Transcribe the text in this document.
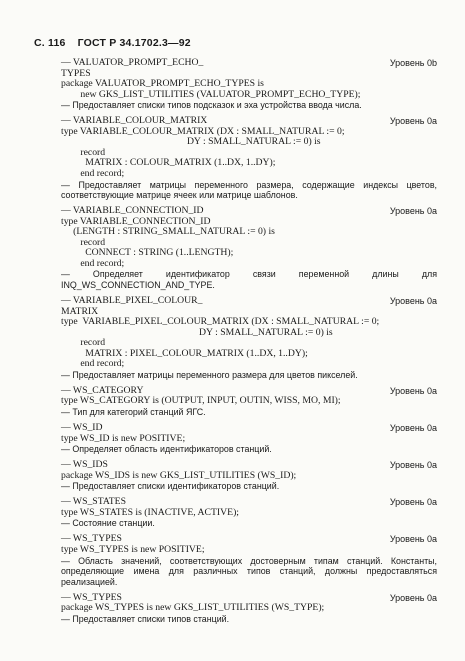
С. 116 ГОСТ Р 34.1702.3—92
— VALUATOR_PROMPT_ECHO_	Уровень 0b
TYPES
package VALUATOR_PROMPT_ECHO_TYPES is
new GKS_LIST_UTILITIES (VALUATOR_PROMPT_ECHO_TYPE);
— Предоставляет списки типов подсказок и эха устройства ввода числа.
— VARIABLE_COLOUR_MATRIX	Уровень 0a
type VARIABLE_COLOUR_MATRIX (DX : SMALL_NATURAL := 0;
DY : SMALL_NATURAL := 0) is
record
MATRIX : COLOUR_MATRIX (1..DX, 1..DY);
end record;
— Предоставляет матрицы переменного размера, содержащие индексы цветов, соответствующие матрице ячеек или матрице шаблонов.
— VARIABLE_CONNECTION_ID	Уровень 0a
type VARIABLE_CONNECTION_ID
(LENGTH : STRING_SMALL_NATURAL := 0) is
record
CONNECT : STRING (1..LENGTH);
end record;
— Определяет идентификатор связи переменной длины для INQ_WS_CONNECTION_AND_TYPE.
— VARIABLE_PIXEL_COLOUR_	Уровень 0a
MATRIX
type  VARIABLE_PIXEL_COLOUR_MATRIX (DX : SMALL_NATURAL := 0;
DY : SMALL_NATURAL := 0) is
record
MATRIX : PIXEL_COLOUR_MATRIX (1..DX, 1..DY);
end record;
— Предоставляет матрицы переменного размера для цветов пикселей.
— WS_CATEGORY	Уровень 0a
type WS_CATEGORY is (OUTPUT, INPUT, OUTIN, WISS, MO, MI);
— Тип для категорий станций ЯГС.
— WS_ID	Уровень 0a
type WS_ID is new POSITIVE;
— Определяет область идентификаторов станций.
— WS_IDS	Уровень 0a
package WS_IDS is new GKS_LIST_UTILITIES (WS_ID);
— Предоставляет списки идентификаторов станций.
— WS_STATES	Уровень 0a
type WS_STATES is (INACTIVE, ACTIVE);
— Состояние станции.
— WS_TYPES	Уровень 0a
type WS_TYPES is new POSITIVE;
— Область значений, соответствующих достоверным типам станций. Константы, определяющие имена для различных типов станций, должны предоставляться реализацией.
— WS_TYPES	Уровень 0a
package WS_TYPES is new GKS_LIST_UTILITIES (WS_TYPE);
— Предоставляет списки типов станций.
